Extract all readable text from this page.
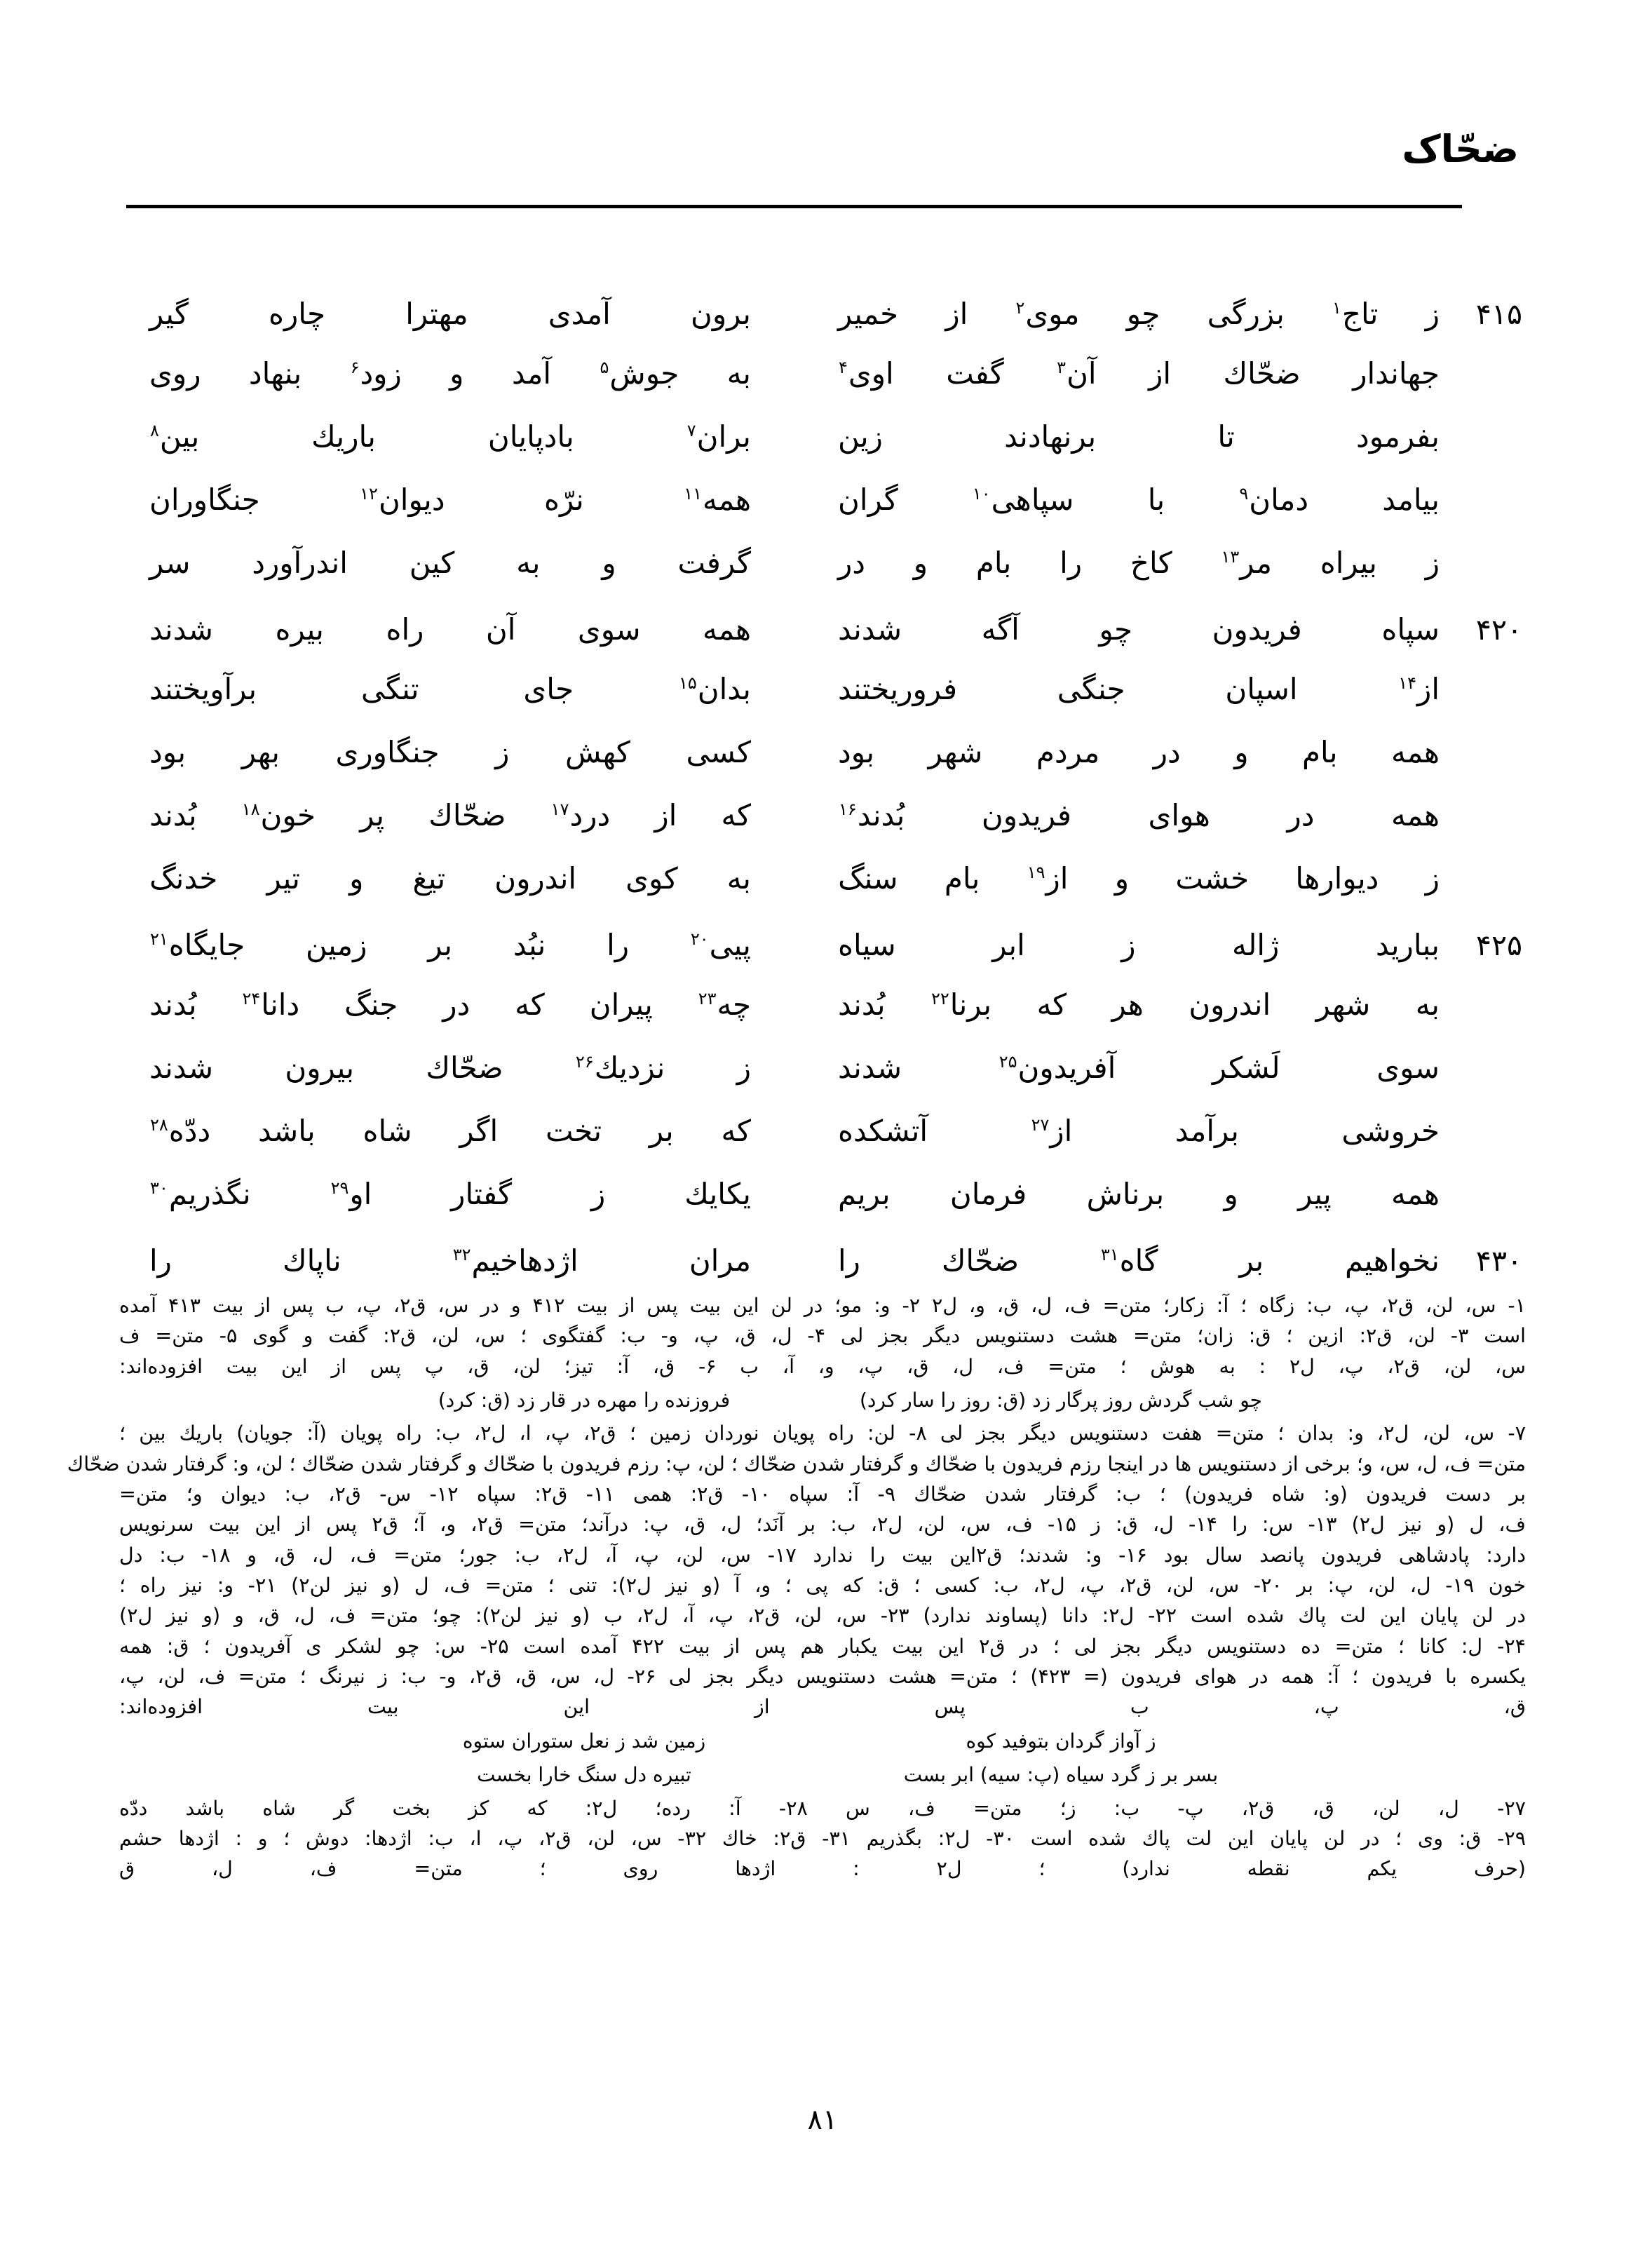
ضحّاک
۴۱۵
ز
تاج$^۱$
بزرگی
چو
موی$^۲$
از
خمیر
برون
آمدی
مهترا
چاره
گیر
جهاندار
ضحّاك
از
آن$^۳$
گفت
اوی$^۴$
به
جوش$^۵$
آمد
و
زود$^۶$
بنهاد
روی
بفرمود
تا
برنهادند
زین
بران$^۷$
بادپایان
باریك
بین$^۸$
بیامد
دمان$^۹$
با
سپاهی$^{۱۰}$
گران
همه$^{۱۱}$
نرّه
دیوان$^{۱۲}$
جنگاوران
ز
بیراه
مر$^{۱۳}$
كاخ
را
بام
و
در
گرفت
و
به
كین
اندرآورد
سر
۴۲۰
سپاه
فریدون
چو
آگه
شدند
همه
سوی
آن
راه
بیره
شدند
از$^{۱۴}$
اسپان
جنگی
فروریختند
بدان$^{۱۵}$
جای
تنگی
برآویختند
همه
بام
و
در
مردم
شهر
بود
كسی
كهش
ز
جنگاوری
بهر
بود
همه
در
هوای
فریدون
بُدند$^{۱۶}$
كه
از
درد$^{۱۷}$
ضحّاك
پر
خون$^{۱۸}$
بُدند
ز
دیوارها
خشت
و
از$^{۱۹}$
بام
سنگ
به
كوی
اندرون
تیغ
و
تیر
خدنگ
۴۲۵
ببارید
ژاله
ز
ابر
سیاه
پیی$^{۲۰}$
را
نبُد
بر
زمین
جایگاه$^{۲۱}$
به
شهر
اندرون
هر
كه
برنا$^{۲۲}$
بُدند
چه$^{۲۳}$
پیران
كه
در
جنگ
دانا$^{۲۴}$
بُدند
سوی
لَشكر
آفریدون$^{۲۵}$
شدند
ز
نزدیك$^{۲۶}$
ضحّاك
بیرون
شدند
خروشی
برآمد
از$^{۲۷}$
آتشكده
كه
بر
تخت
اگر
شاه
باشد
ددّه$^{۲۸}$
همه
پیر
و
برناش
فرمان
بریم
یكایك
ز
گفتار
او$^{۲۹}$
نگذریم$^{۳۰}$
۴۳۰
نخواهیم
بر
گاه$^{۳۱}$
ضحّاك
را
مران
اژدهاخیم$^{۳۲}$
ناپاك
را
۱- س، لن، ق۲، پ، ب: زگاه ؛ آ: زكار؛ متن= ف، ل، ق، و، ل۲ ۲- و: مو؛ در لن این بیت پس از بیت ۴۱۲ و در س، ق۲، پ، ب پس از بیت ۴۱۳ آمده
است ۳- لن، ق۲: ازین ؛ ق: زان؛ متن= هشت دستنویس دیگر بجز لی ۴- ل، ق، پ، و- ب: گفتگوی ؛ س، لن، ق۲: گفت و گوی ۵- متن= ف
س، لن، ق۲، پ، ل۲ : به هوش ؛ متن= ف، ل، ق، پ، و، آ، ب ۶- ق، آ: تیز؛ لن، ق، پ پس از این بیت افزوده‌اند:
چو شب گردش روز پرگار زد (ق: روز را سار كرد)فروزنده را مهره در قار زد (ق: كرد)
۷- س، لن، ل۲، و: بدان ؛ متن= هفت دستنویس دیگر بجز لی ۸- لن: راه پویان نوردان زمین ؛ ق۲، پ، ا، ل۲، ب: راه پویان (آ: جویان) باریك بین ؛
متن= ف، ل، س، و؛ برخی از دستنویس ها در اینجا رزم فریدون با ضحّاك و گرفتار شدن ضحّاك ؛ لن، پ: رزم فریدون با ضحّاك و گرفتار شدن ضحّاك ؛ لن، و: گرفتار شدن ضحّاك
بر دست فریدون (و: شاه فریدون) ؛ ب: گرفتار شدن ضحّاك ۹- آ: سپاه ۱۰- ق۲: همی ۱۱- ق۲: سپاه ۱۲- س- ق۲، ب: دیوان و؛ متن=
ف، ل (و نیز ل۲) ۱۳- س: را ۱۴- ل، ق: ز ۱۵- ف، س، لن، ل۲، ب: بر آنَد؛ ل، ق، پ: درآند؛ متن= ق۲، و، آ؛ ق۲ پس از این بیت سرنویس
دارد: پادشاهی فریدون پانصد سال بود ۱۶- و: شدند؛ ق۲این بیت را ندارد ۱۷- س، لن، پ، آ، ل۲، ب: جور؛ متن= ف، ل، ق، و ۱۸- ب: دل
خون ۱۹- ل، لن، پ: بر ۲۰- س، لن، ق۲، پ، ل۲، ب: كسی ؛ ق: كه پی ؛ و، آ (و نیز ل۲): تنی ؛ متن= ف، ل (و نیز لن۲) ۲۱- و: نیز راه ؛
در لن پایان این لت پاك شده است ۲۲- ل۲: دانا (پساوند ندارد) ۲۳- س، لن، ق۲، پ، آ، ل۲، ب (و نیز لن۲): چو؛ متن= ف، ل، ق، و (و نیز ل۲)
۲۴- ل: كانا ؛ متن= ده دستنویس دیگر بجز لی ؛ در ق۲ این بیت یكبار هم پس از بیت ۴۲۲ آمده است ۲۵- س: چو لشكر ی آفریدون ؛ ق: همه
یكسره با فریدون ؛ آ: همه در هوای فریدون (= ۴۲۳) ؛ متن= هشت دستنویس دیگر بجز لی ۲۶- ل، س، ق، ق۲، و- ب: ز نیرنگ ؛ متن= ف، لن، پ،
ق، پ، ب پس از این بیت افزوده‌اند:
ز آواز گردان بتوفید كوهزمین شد ز نعل ستوران ستوه
بسر بر ز گرد سیاه (پ: سیه) ابر بستتبیره دل سنگ خارا بخست
۲۷- ل، لن، ق، ق۲، پ- ب: ز؛ متن= ف، س ۲۸- آ: رده؛ ل۲: كه كز بخت گر شاه باشد ددّه
۲۹- ق: وی ؛ در لن پایان این لت پاك شده است ۳۰- ل۲: بگذریم ۳۱- ق۲: خاك ۳۲- س، لن، ق۲، پ، ا، ب: اژدها: دوش ؛ و : اژدها حشم
(حرف یكم نقطه ندارد) ؛ ل۲ : اژدها روی ؛ متن= ف، ل، ق
۸۱
